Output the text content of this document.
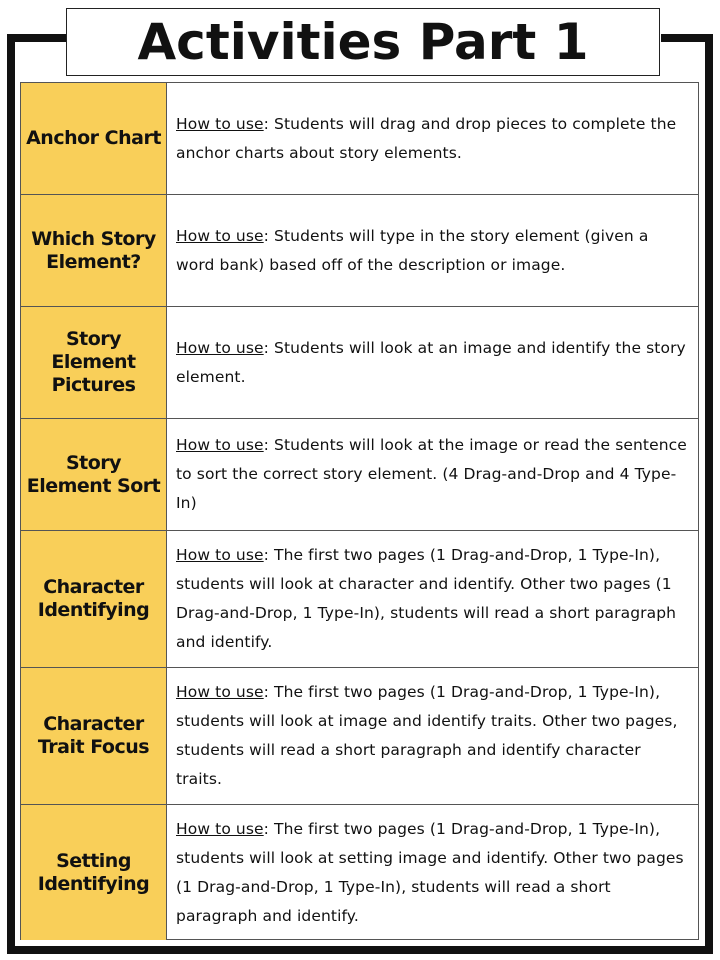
Activities Part 1
Anchor Chart

How to use: Students will drag and drop pieces to complete the anchor charts about story elements.

Which Story Element?

How to use: Students will type in the story element (given a word bank) based off of the description or image.

Story Element Pictures

How to use: Students will look at an image and identify the story element.

Story Element Sort

How to use: Students will look at the image or read the sentence to sort the correct story element. (4 Drag-and-Drop and 4 Type-In)

Character Identifying

How to use: The first two pages (1 Drag-and-Drop, 1 Type-In), students will look at character and identify. Other two pages (1 Drag-and-Drop, 1 Type-In), students will read a short paragraph and identify.

Character Trait Focus

How to use: The first two pages (1 Drag-and-Drop, 1 Type-In), students will look at image and identify traits. Other two pages, students will read a short paragraph and identify character traits.

Setting Identifying

How to use: The first two pages (1 Drag-and-Drop, 1 Type-In), students will look at setting image and identify. Other two pages (1 Drag-and-Drop, 1 Type-In), students will read a short paragraph and identify.
